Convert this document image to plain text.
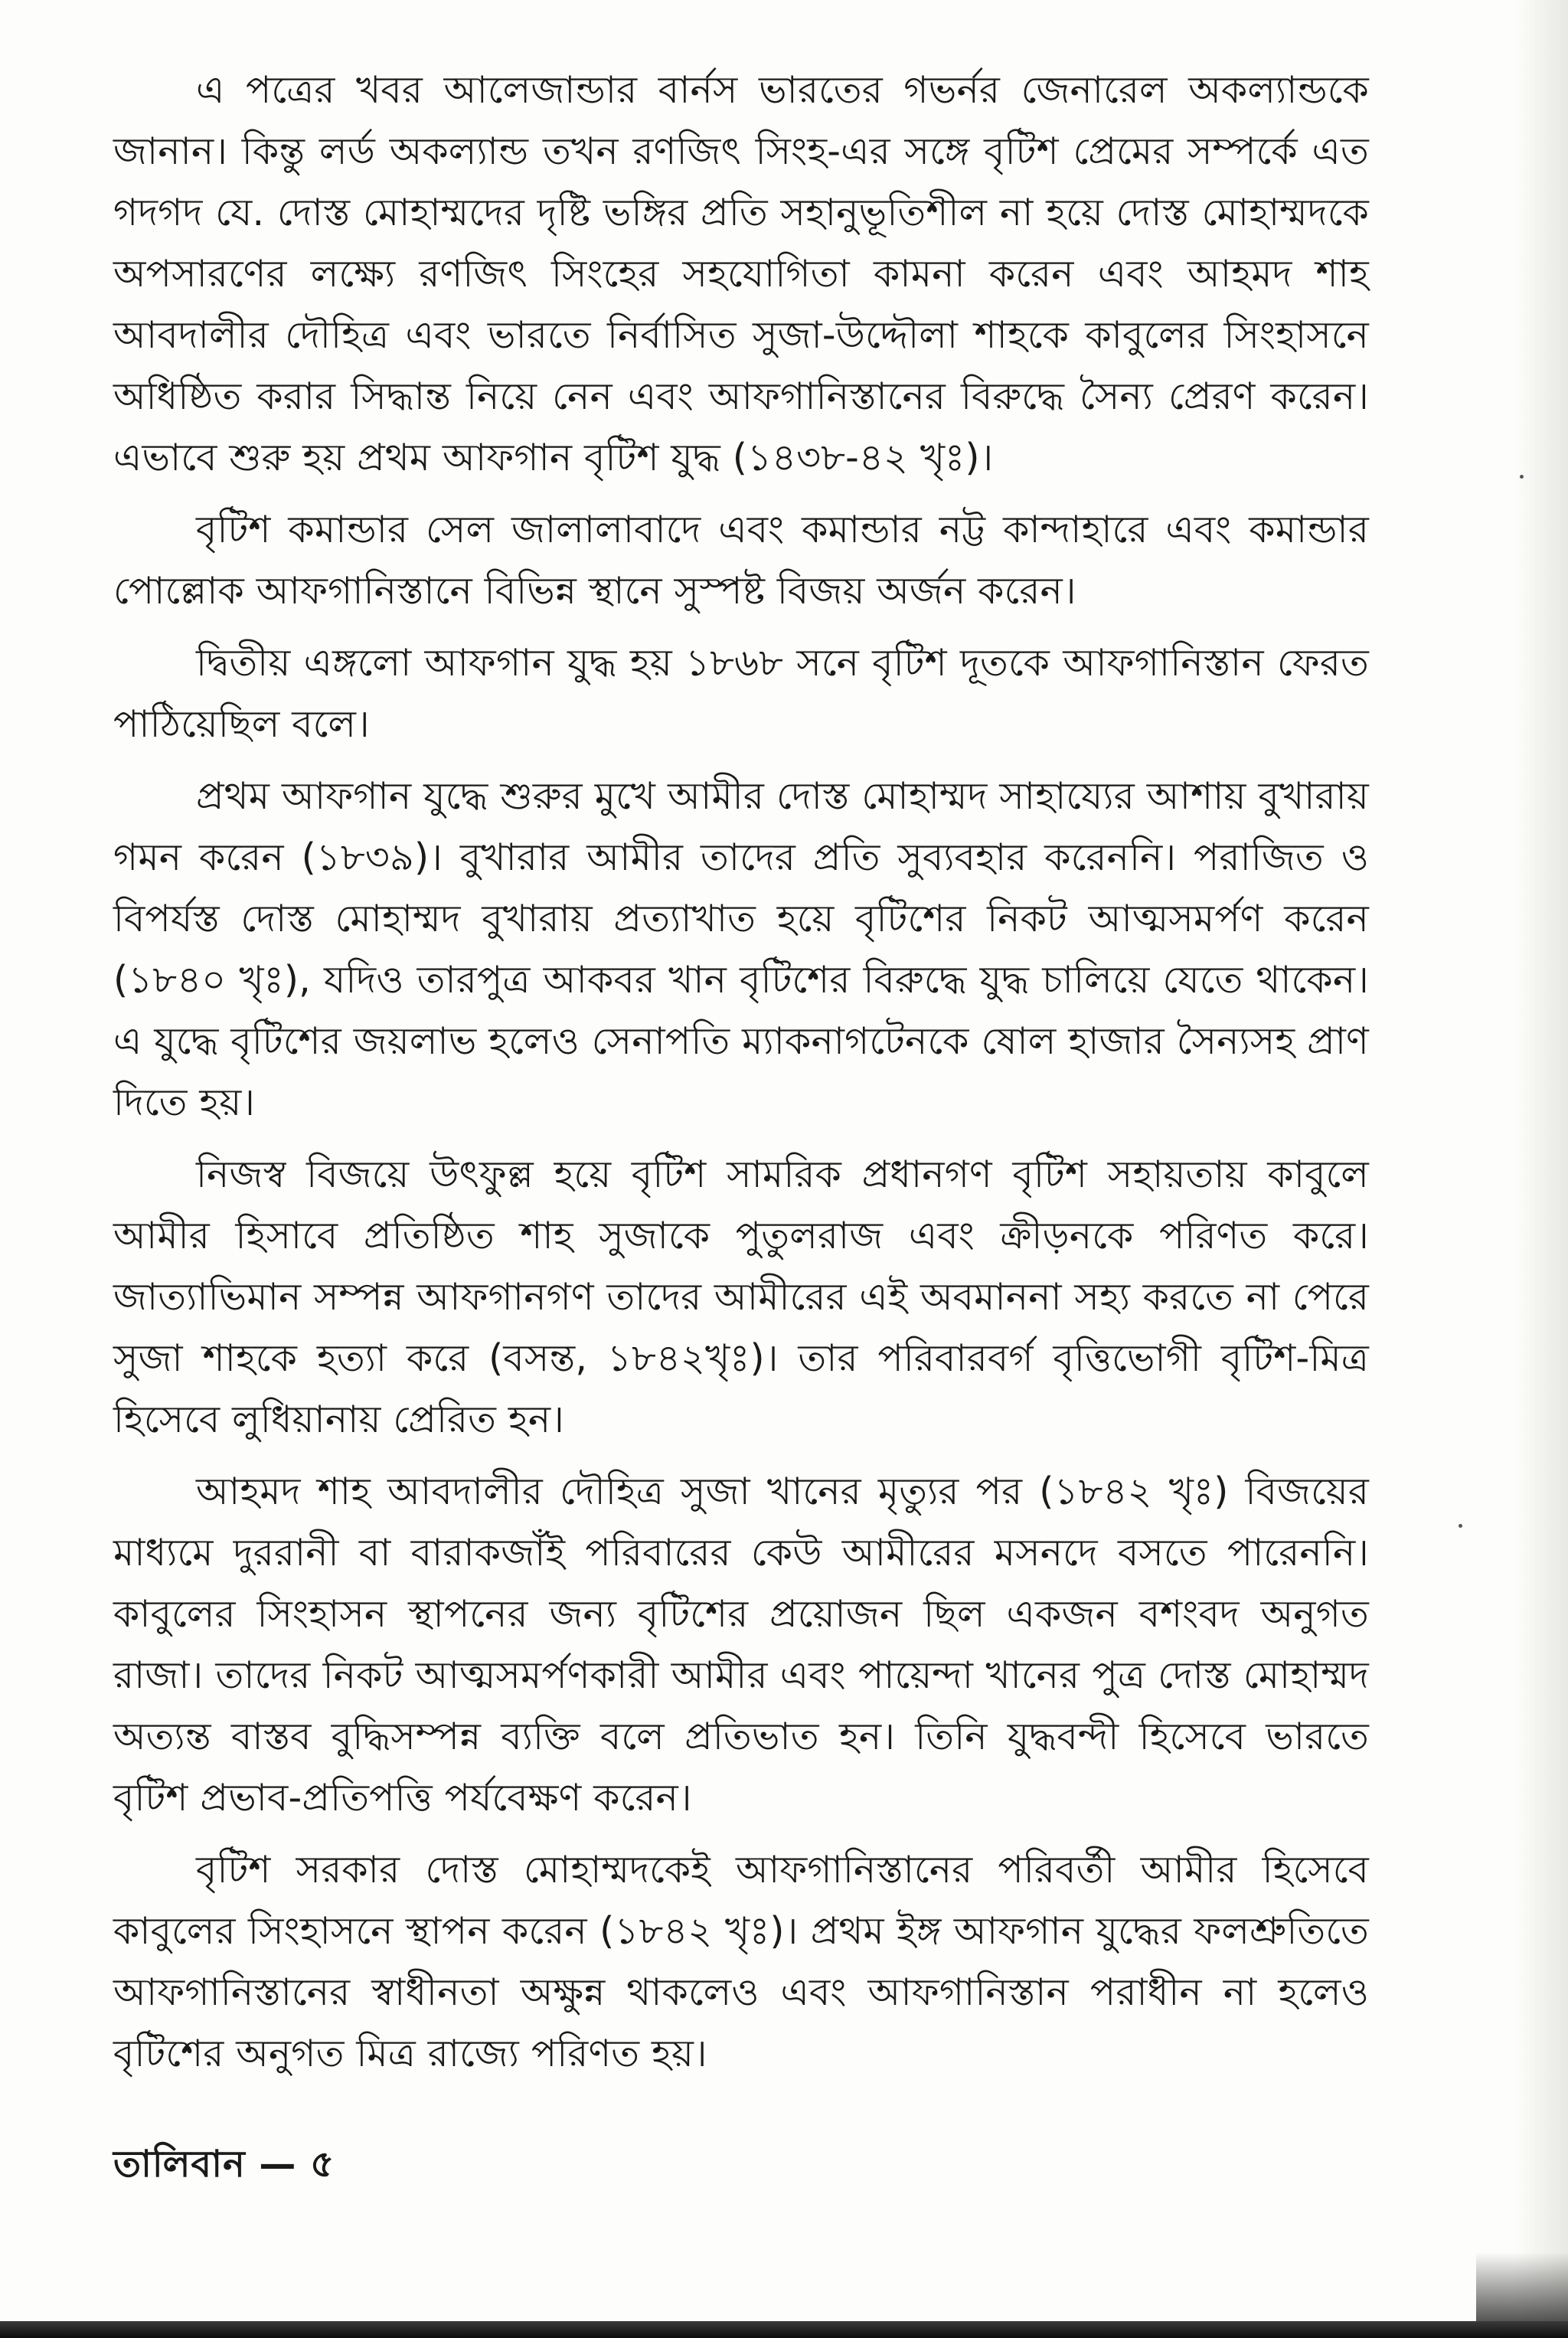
এ পত্রের খবর আলেজান্ডার বার্নস ভারতের গভর্নর জেনারেল অকল্যান্ডকে জানান। কিন্তু লর্ড অকল্যান্ড তখন রণজিৎ সিংহ-এর সঙ্গে বৃটিশ প্রেমের সম্পর্কে এত গদগদ যে. দোস্ত মোহাম্মদের দৃষ্টি ভঙ্গির প্রতি সহানুভূতিশীল না হয়ে দোস্ত মোহাম্মদকে অপসারণের লক্ষ্যে রণজিৎ সিংহের সহযোগিতা কামনা করেন এবং আহমদ শাহ আবদালীর দৌহিত্র এবং ভারতে নির্বাসিত সুজা-উদ্দৌলা শাহকে কাবুলের সিংহাসনে অধিষ্ঠিত করার সিদ্ধান্ত নিয়ে নেন এবং আফগানিস্তানের বিরুদ্ধে সৈন্য প্রেরণ করেন। এভাবে শুরু হয় প্রথম আফগান বৃটিশ যুদ্ধ (১৪৩৮-৪২ খৃঃ)।

বৃটিশ কমান্ডার সেল জালালাবাদে এবং কমান্ডার নট্ট কান্দাহারে এবং কমান্ডার পোল্লোক আফগানিস্তানে বিভিন্ন স্থানে সুস্পষ্ট বিজয় অর্জন করেন।

দ্বিতীয় এঙ্গলো আফগান যুদ্ধ হয় ১৮৬৮ সনে বৃটিশ দূতকে আফগানিস্তান ফেরত পাঠিয়েছিল বলে।

প্রথম আফগান যুদ্ধে শুরুর মুখে আমীর দোস্ত মোহাম্মদ সাহায্যের আশায় বুখারায় গমন করেন (১৮৩৯)। বুখারার আমীর তাদের প্রতি সুব্যবহার করেননি। পরাজিত ও বিপর্যস্ত দোস্ত মোহাম্মদ বুখারায় প্রত্যাখাত হয়ে বৃটিশের নিকট আত্মসমর্পণ করেন (১৮৪০ খৃঃ), যদিও তারপুত্র আকবর খান বৃটিশের বিরুদ্ধে যুদ্ধ চালিয়ে যেতে থাকেন। এ যুদ্ধে বৃটিশের জয়লাভ হলেও সেনাপতি ম্যাকনাগটেনকে ষোল হাজার সৈন্যসহ প্রাণ দিতে হয়।

নিজস্ব বিজয়ে উৎফুল্ল হয়ে বৃটিশ সামরিক প্রধানগণ বৃটিশ সহায়তায় কাবুলে আমীর হিসাবে প্রতিষ্ঠিত শাহ সুজাকে পুতুলরাজ এবং ক্রীড়নকে পরিণত করে। জাত্যাভিমান সম্পন্ন আফগানগণ তাদের আমীরের এই অবমাননা সহ্য করতে না পেরে সুজা শাহকে হত্যা করে (বসন্ত, ১৮৪২খৃঃ)। তার পরিবারবর্গ বৃত্তিভোগী বৃটিশ-মিত্র হিসেবে লুধিয়ানায় প্রেরিত হন।

আহমদ শাহ আবদালীর দৌহিত্র সুজা খানের মৃত্যুর পর (১৮৪২ খৃঃ) বিজয়ের মাধ্যমে দুররানী বা বারাকজাঁই পরিবারের কেউ আমীরের মসনদে বসতে পারেননি। কাবুলের সিংহাসন স্থাপনের জন্য বৃটিশের প্রয়োজন ছিল একজন বশংবদ অনুগত রাজা। তাদের নিকট আত্মসমর্পণকারী আমীর এবং পায়েন্দা খানের পুত্র দোস্ত মোহাম্মদ অত্যন্ত বাস্তব বুদ্ধিসম্পন্ন ব্যক্তি বলে প্রতিভাত হন। তিনি যুদ্ধবন্দী হিসেবে ভারতে বৃটিশ প্রভাব-প্রতিপত্তি পর্যবেক্ষণ করেন।

বৃটিশ সরকার দোস্ত মোহাম্মদকেই আফগানিস্তানের পরিবর্তী আমীর হিসেবে কাবুলের সিংহাসনে স্থাপন করেন (১৮৪২ খৃঃ)। প্রথম ইঙ্গ আফগান যুদ্ধের ফলশ্রুতিতে আফগানিস্তানের স্বাধীনতা অক্ষুন্ন থাকলেও এবং আফগানিস্তান পরাধীন না হলেও বৃটিশের অনুগত মিত্র রাজ্যে পরিণত হয়।

তালিবান — ৫
